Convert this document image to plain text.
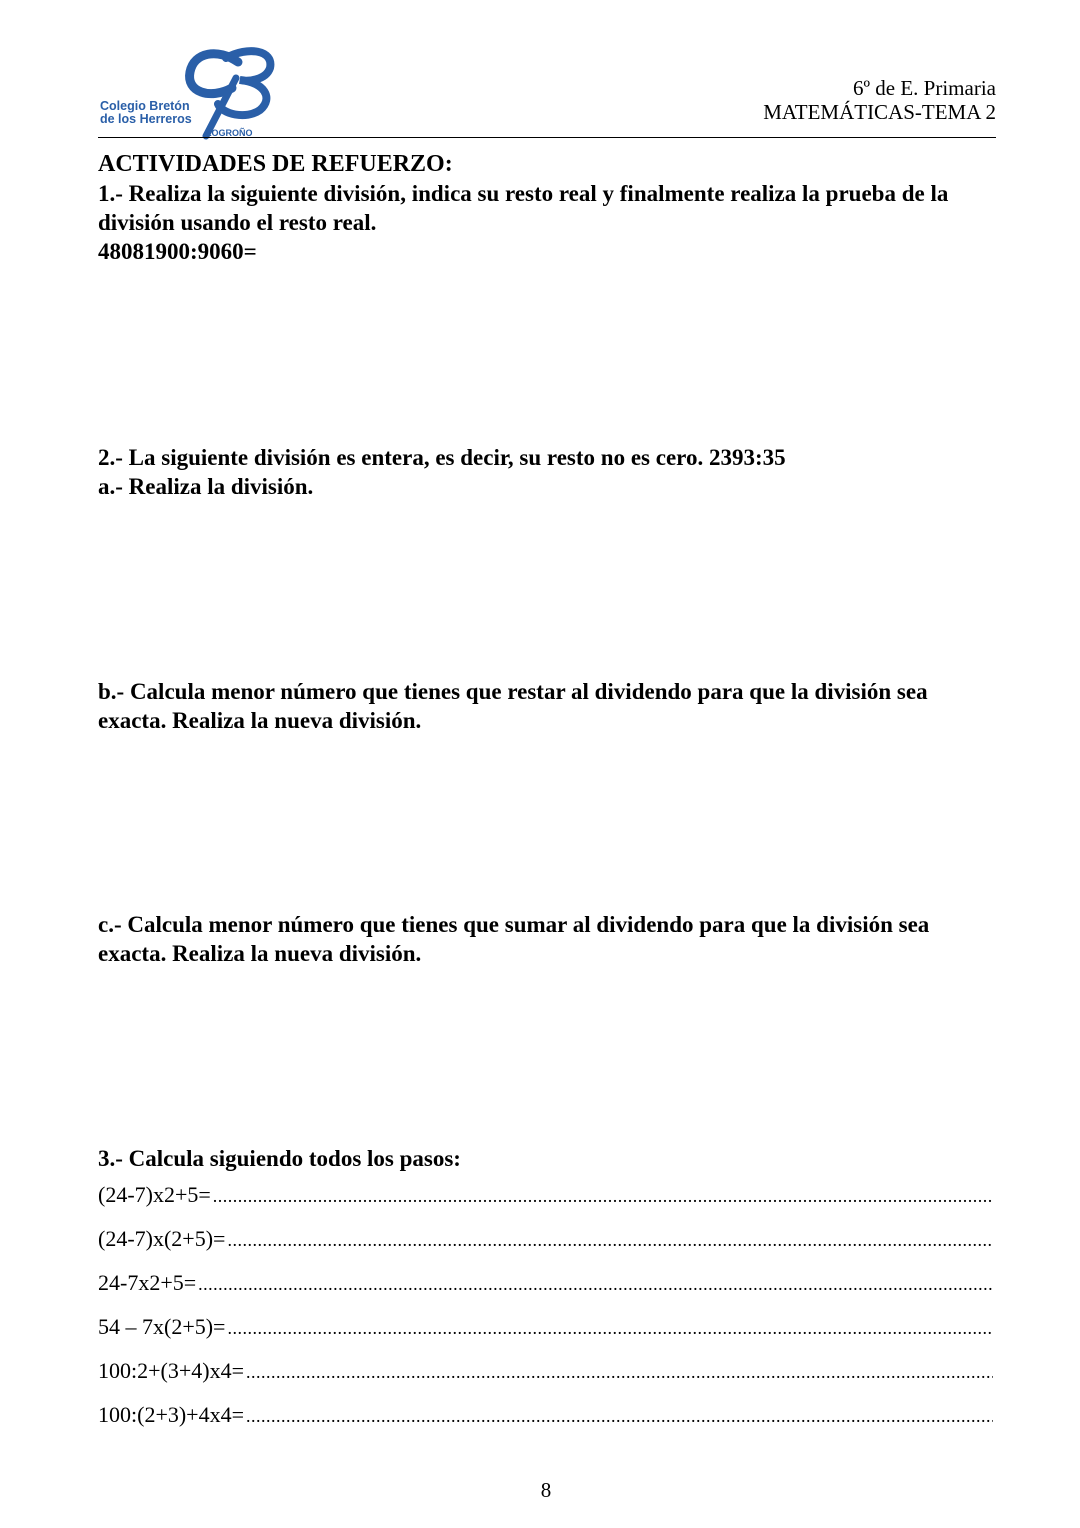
Colegio Bretón
de los Herreros
LOGROÑO
6º de E. Primaria
MATEMÁTICAS-TEMA 2

ACTIVIDADES DE REFUERZO:

1.- Realiza la siguiente división, indica su resto real y finalmente realiza la prueba de la división usando el resto real.

48081900:9060=

2.- La siguiente división es entera, es decir, su resto no es cero. 2393:35

a.- Realiza la división.

b.- Calcula menor número que tienes que restar al dividendo para que la división sea exacta. Realiza la nueva división.

c.- Calcula menor número que tienes que sumar al dividendo para que la división sea exacta. Realiza la nueva división.

3.- Calcula siguiendo todos los pasos:

(24-7)x2+5=
.....
(24-7)x(2+5)=
.....
24-7x2+5=
.....
54 – 7x(2+5)=
.....
100:2+(3+4)x4=
.....
100:(2+3)+4x4=
.....
8
